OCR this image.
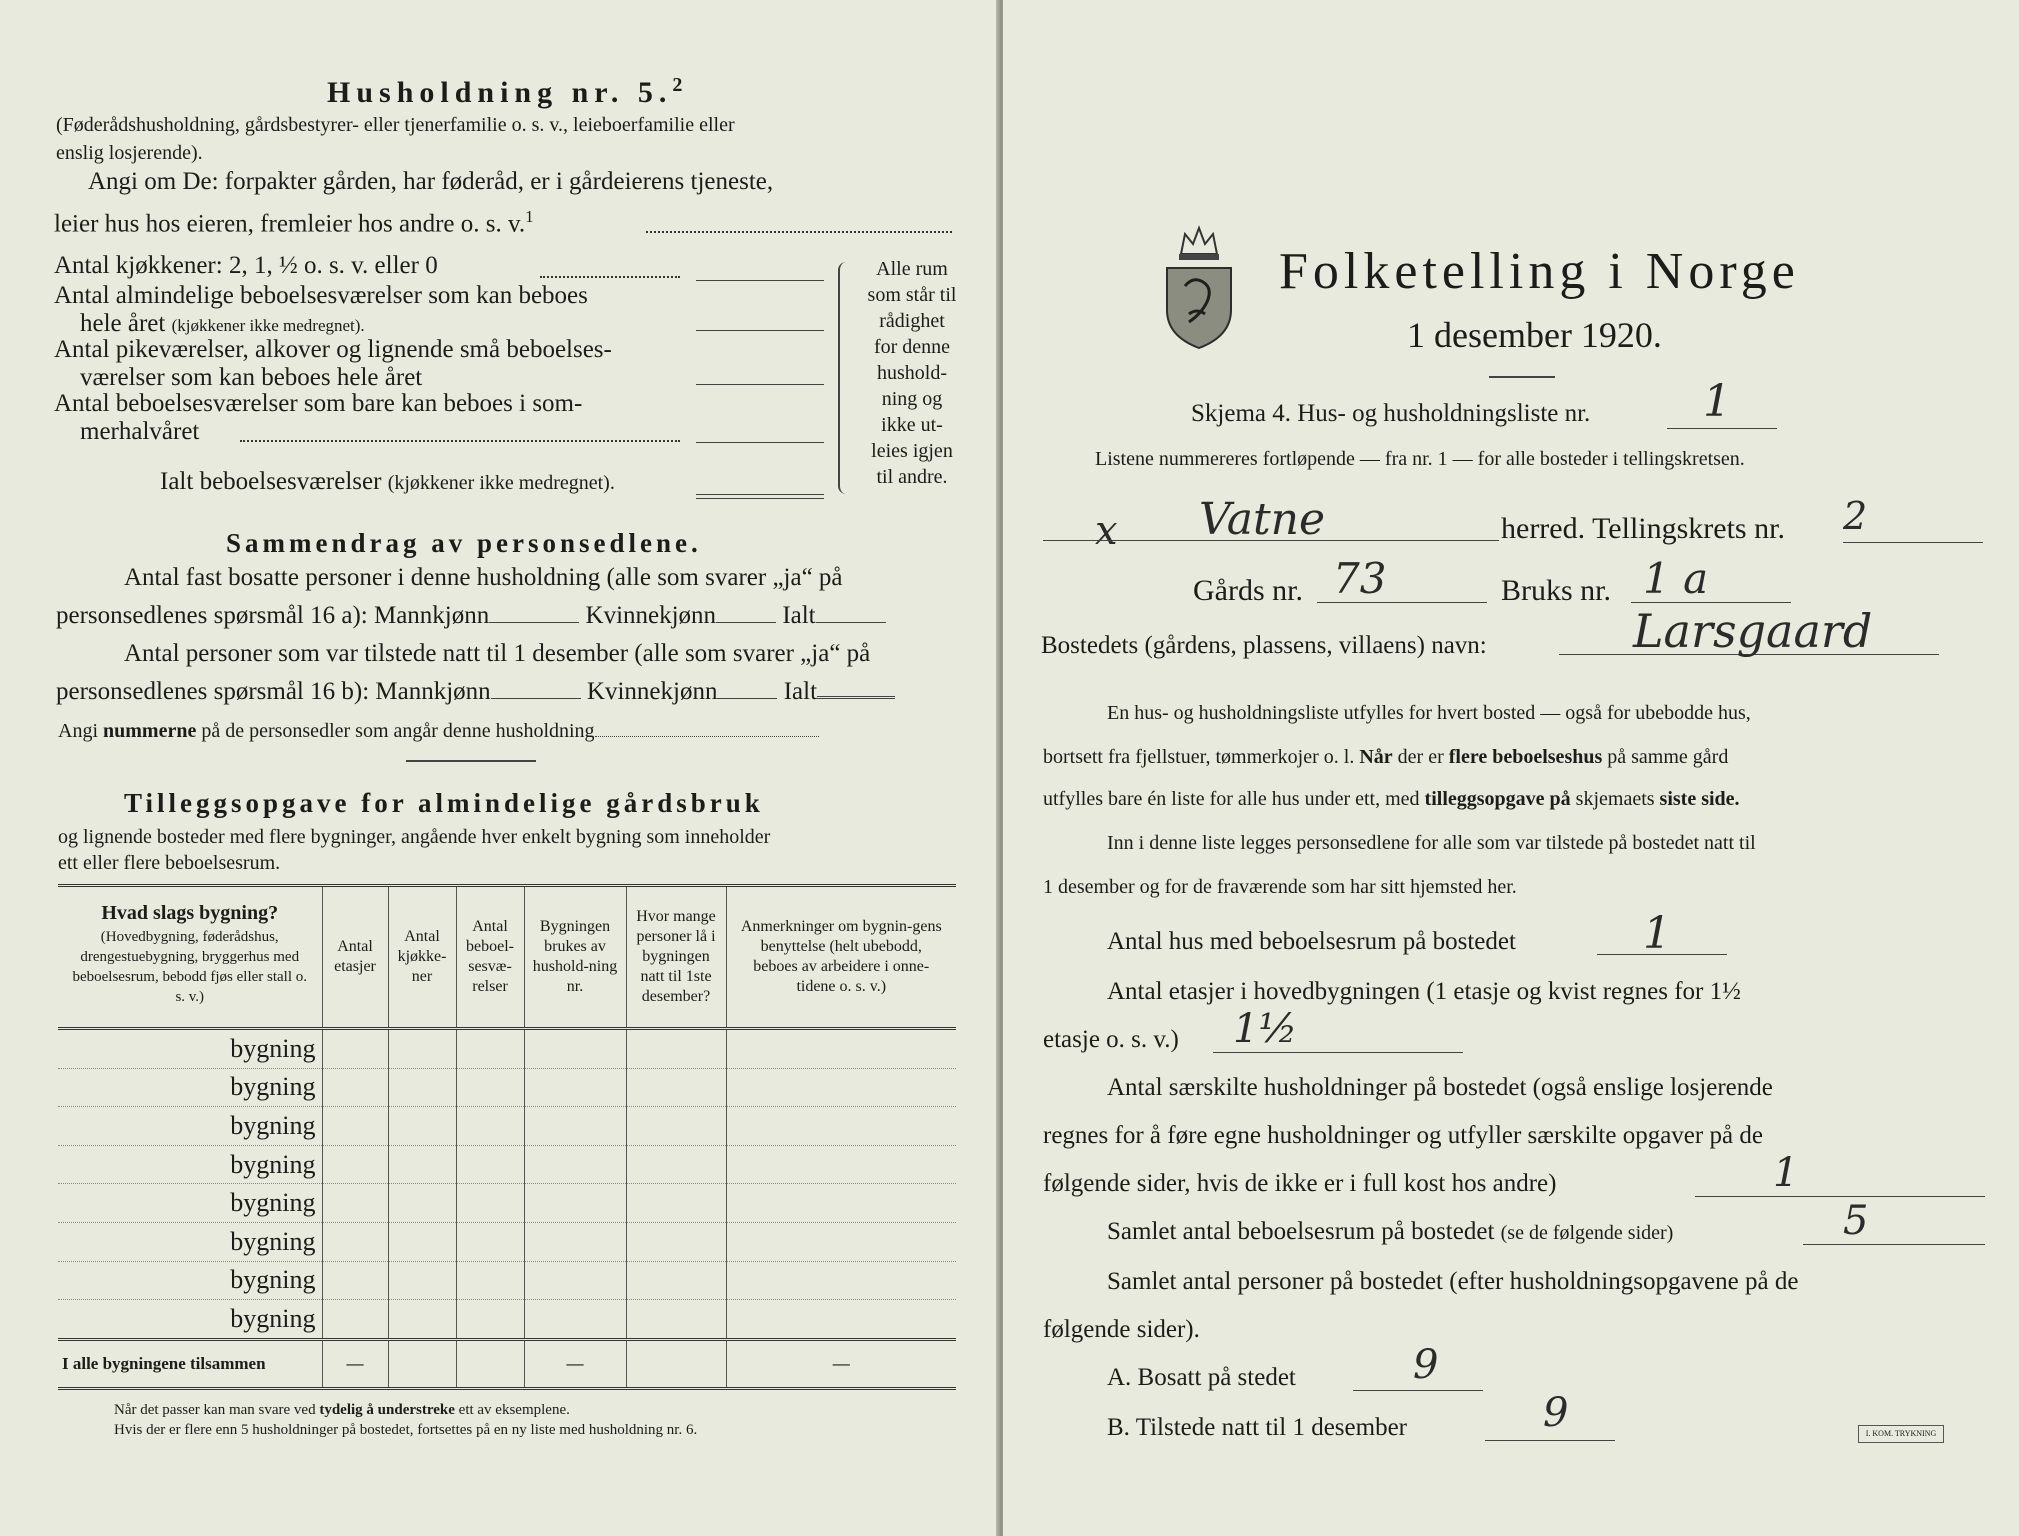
Husholdning nr. 5.$^2$
(Føderådshusholdning, gårdsbestyrer- eller tjenerfamilie o. s. v., leieboerfamilie eller
enslig losjerende).
Angi om De: forpakter gården, har føderåd, er i gårdeierens tjeneste,
leier hus hos eieren, fremleier hos andre o. s. v.$^1$
Antal kjøkkener: 2, 1, ½ o. s. v. eller 0
Antal almindelige beboelsesværelser som kan beboes
hele året (kjøkkener ikke medregnet).
Antal pikeværelser, alkover og lignende små beboelses-
værelser som kan beboes hele året
Antal beboelsesværelser som bare kan beboes i som-
merhalvåret
Ialt beboelsesværelser (kjøkkener ikke medregnet).
Alle rum
som står til
rådighet
for denne
hushold-
ning og
ikke ut-
leies igjen
til andre.
Sammendrag av personsedlene.
Antal fast bosatte personer i denne husholdning (alle som svarer „ja“ på
personsedlenes spørsmål 16 a): Mannkjønn	Kvinnekjønn	Ialt
Antal personer som var tilstede natt til 1 desember (alle som svarer „ja“ på
personsedlenes spørsmål 16 b): Mannkjønn	Kvinnekjønn	Ialt
Angi nummerne på de personsedler som angår denne husholdning
Tilleggsopgave for almindelige gårdsbruk
og lignende bosteder med flere bygninger, angående hver enkelt bygning som inneholder
ett eller flere beboelsesrum.
Hvad slags bygning?
(Hovedbygning, føderådshus, drengestuebygning, bryggerhus med beboelsesrum, bebodd fjøs eller stall o. s. v.)	Antal etasjer	Antal kjøkke-ner	Antal beboel-sesvæ-relser	Bygningen brukes av hushold-ning nr.	Hvor mange personer lå i bygningen natt til 1ste desember?	Anmerkninger om bygnin-gens benyttelse (helt ubebodd, beboes av arbeidere i onne-tidene o. s. v.)
bygning						
bygning						
bygning						
bygning						
bygning						
bygning						
bygning						
bygning						
I alle bygningene tilsammen	—			—		—
Når det passer kan man svare ved tydelig å understreke ett av eksemplene.
Hvis der er flere enn 5 husholdninger på bostedet, fortsettes på en ny liste med husholdning nr. 6.
Folketelling i Norge
1 desember 1920.
Skjema 4. Hus- og husholdningsliste nr.	1
Listene nummereres fortløpende — fra nr. 1 — for alle bosteder i tellingskretsen.
x Vatne	herred. Tellingskrets nr. 2
Gårds nr. 73	Bruks nr. 1 a
Bostedets (gårdens, plassens, villaens) navn:	Larsgaard
En hus- og husholdningsliste utfylles for hvert bosted — også for ubebodde hus,
bortsett fra fjellstuer, tømmerkojer o. l. Når der er flere beboelseshus på samme gård
utfylles bare én liste for alle hus under ett, med tilleggsopgave på skjemaets siste side.
Inn i denne liste legges personsedlene for alle som var tilstede på bostedet natt til
1 desember og for de fraværende som har sitt hjemsted her.
Antal hus med beboelsesrum på bostedet	1
Antal etasjer i hovedbygningen (1 etasje og kvist regnes for 1½
etasje o. s. v.) 1½
Antal særskilte husholdninger på bostedet (også enslige losjerende
regnes for å føre egne husholdninger og utfyller særskilte opgaver på de
følgende sider, hvis de ikke er i full kost hos andre)	1
Samlet antal beboelsesrum på bostedet (se de følgende sider)	5
Samlet antal personer på bostedet (efter husholdningsopgavene på de
følgende sider).
A. Bosatt på stedet	9
B. Tilstede natt til 1 desember	9	I. KOM. TRYKNING
